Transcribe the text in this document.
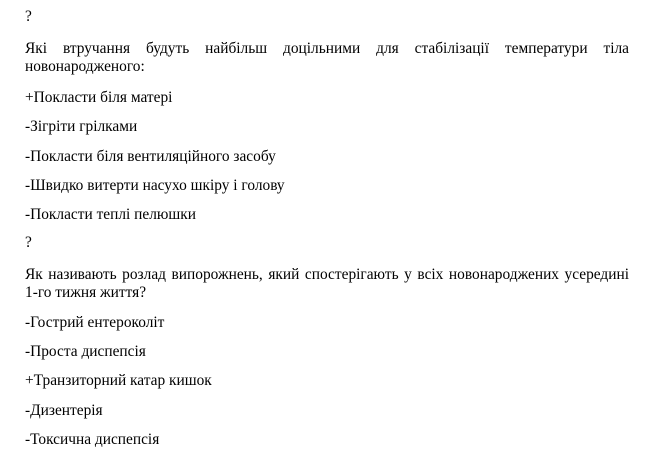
?
Які втручання будуть найбільш доцільними для стабілізації температури тіла новонародженого:
+Покласти біля матері
-Зігріти грілками
-Покласти біля вентиляційного засобу
-Швидко витерти насухо шкіру і голову
-Покласти теплі пелюшки
?
Як називають розлад випорожнень, який спостерігають у всіх новонароджених усередині 1-го тижня життя?
-Гострий ентероколіт
-Проста диспепсія
+Транзиторний катар кишок
-Дизентерія
-Токсична диспепсія
